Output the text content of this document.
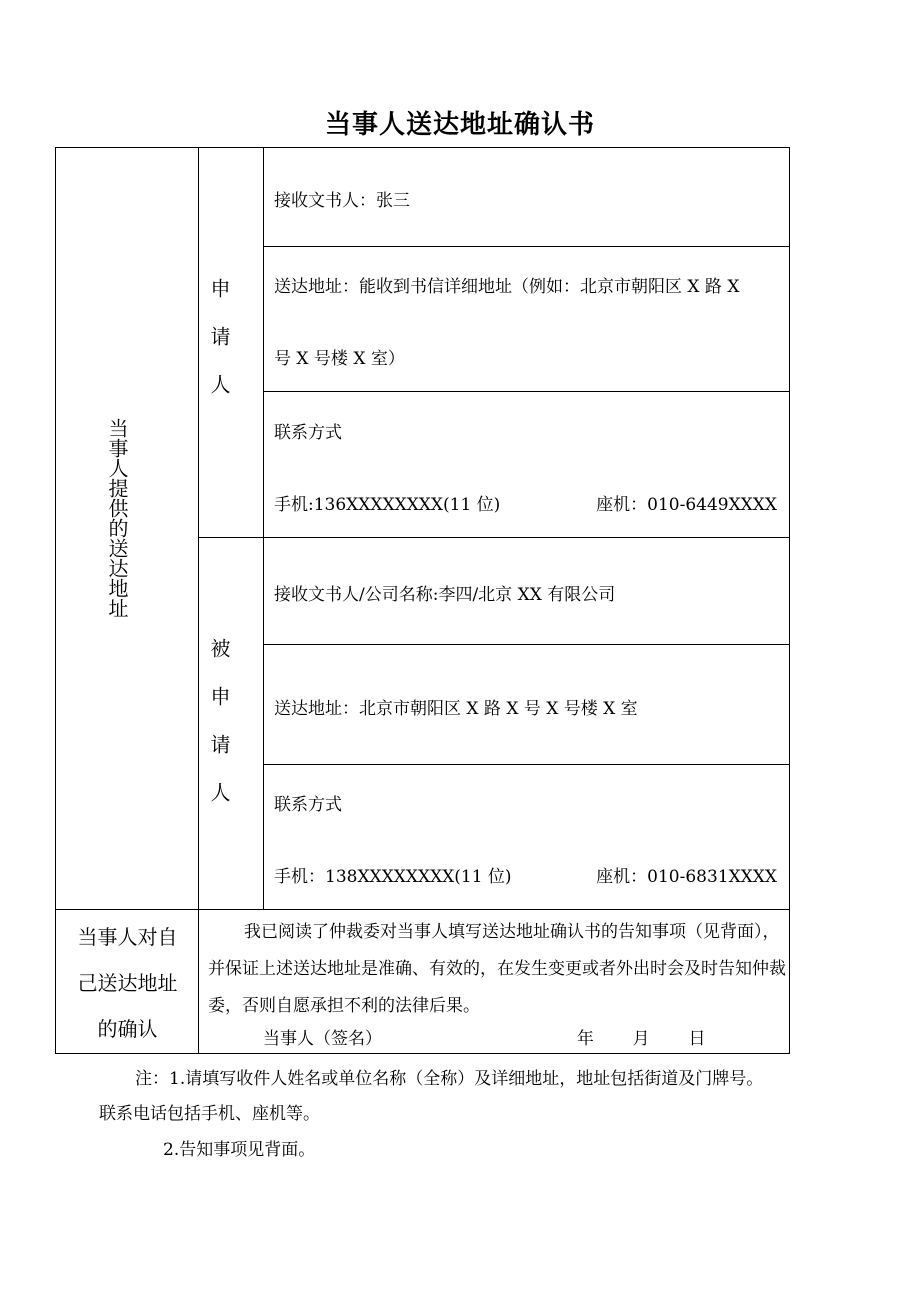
当事人送达地址确认书
当事人提供的送达地址
申请人
接收文书人：张三
送达地址：能收到书信详细地址（例如：北京市朝阳区 X 路 X
号 X 号楼 X 室）
联系方式
手机:136XXXXXXXX(11 位)	座机：010-6449XXXX
被申请人
接收文书人/公司名称:李四/北京 XX 有限公司
送达地址：北京市朝阳区 X 路 X 号 X 号楼 X 室
联系方式
手机：138XXXXXXXX(11 位)	座机：010-6831XXXX
当事人对自己送达地址的确认
我已阅读了仲裁委对当事人填写送达地址确认书的告知事项（见背面），并保证上述送达地址是准确、有效的，在发生变更或者外出时会及时告知仲裁委，否则自愿承担不利的法律后果。
当事人（签名）	年 月 日
注：1.请填写收件人姓名或单位名称（全称）及详细地址，地址包括街道及门牌号。
联系电话包括手机、座机等。
2.告知事项见背面。
